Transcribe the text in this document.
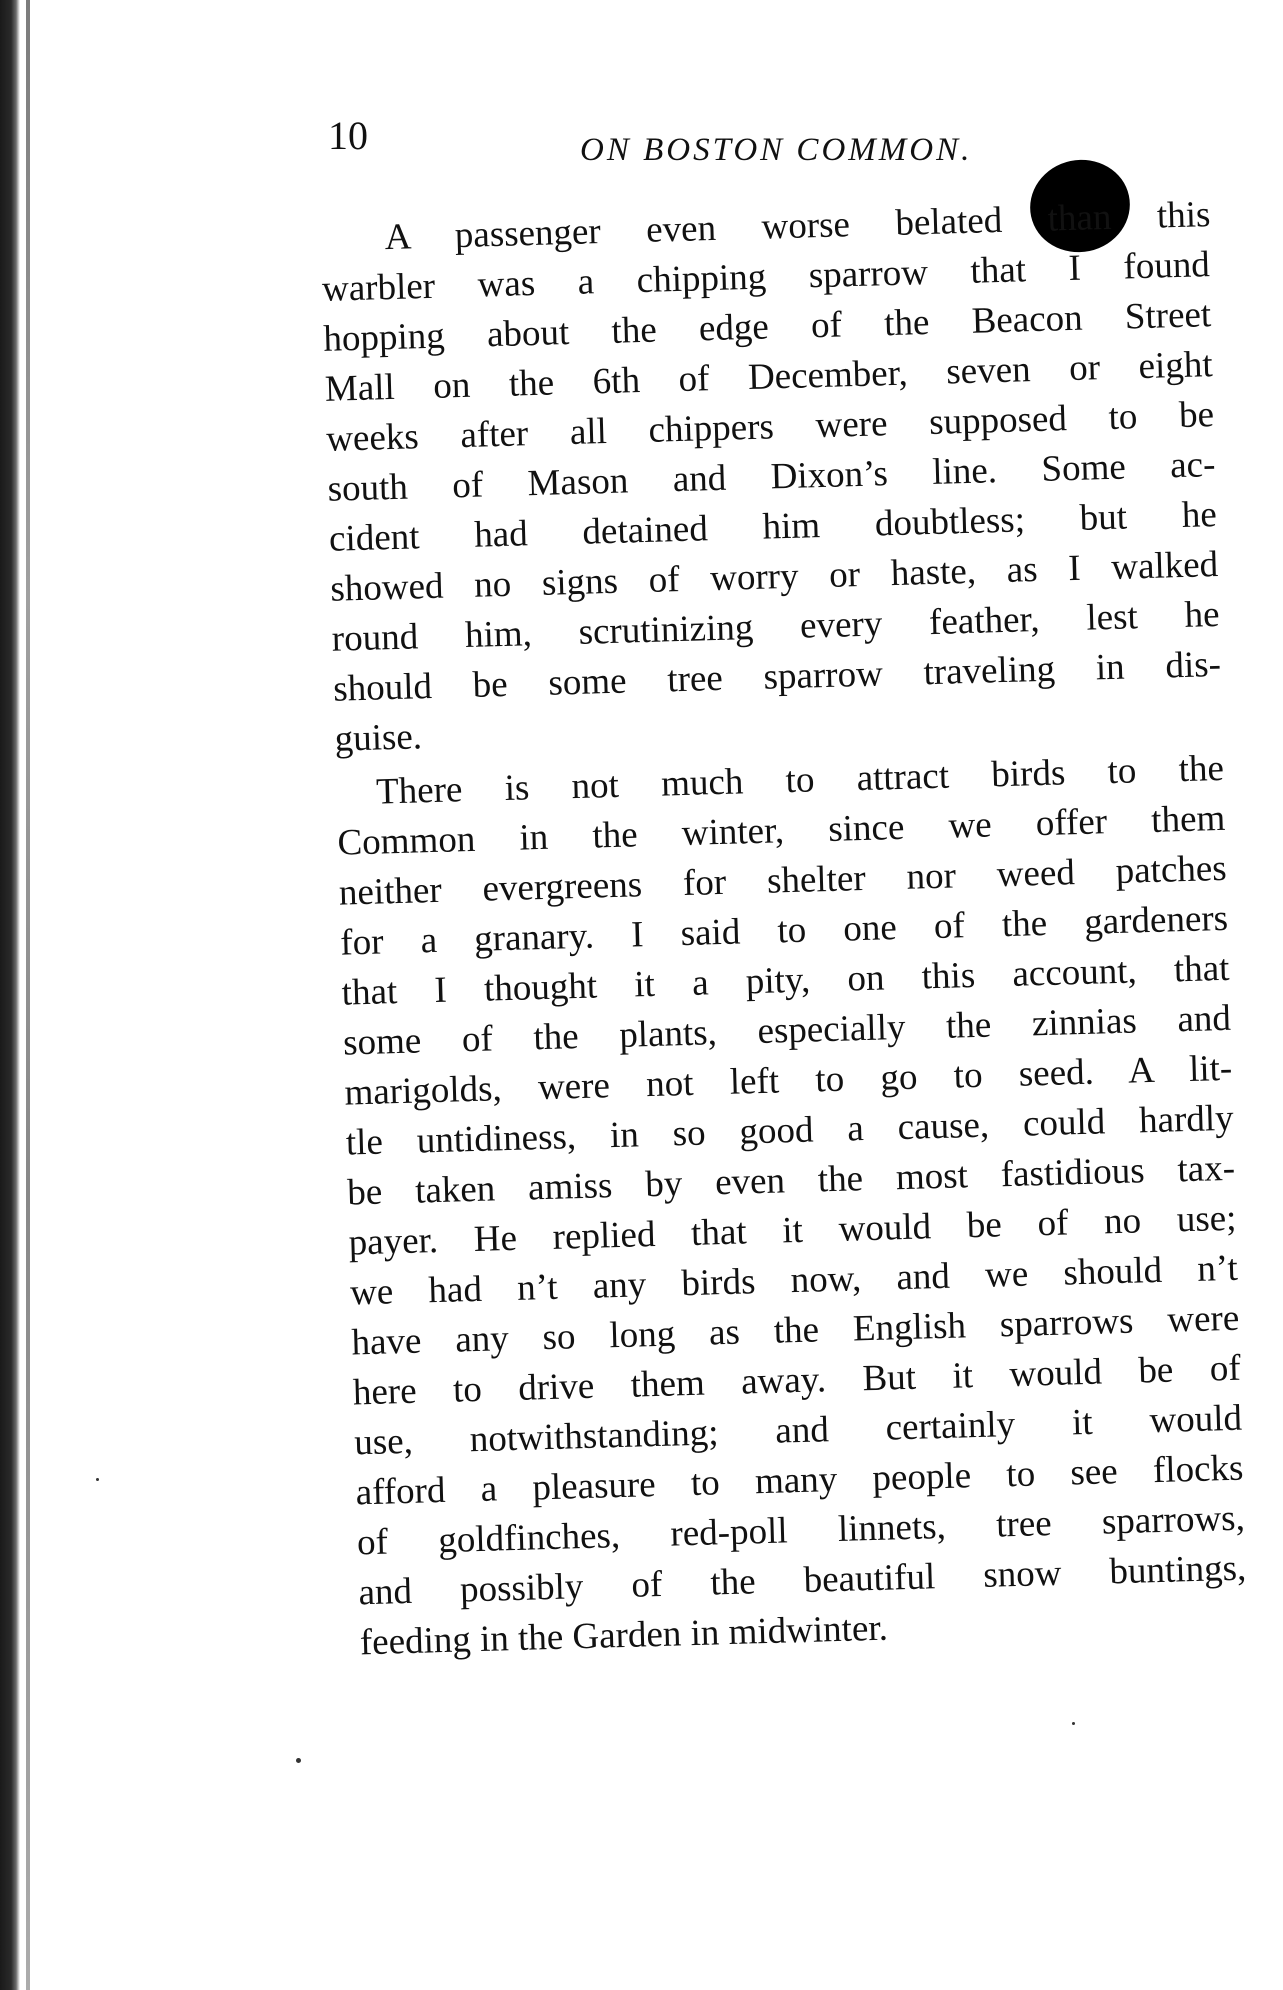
10	ON BOSTON COMMON.
A passenger even worse belated than this
warbler was a chipping sparrow that I found
hopping about the edge of the Beacon Street
Mall on the 6th of December, seven or eight
weeks after all chippers were supposed to be
south of Mason and Dixon’s line. Some ac-
cident had detained him doubtless; but he
showed no signs of worry or haste, as I walked
round him, scrutinizing every feather, lest he
should be some tree sparrow traveling in dis-
guise.
There is not much to attract birds to the
Common in the winter, since we offer them
neither evergreens for shelter nor weed patches
for a granary. I said to one of the gardeners
that I thought it a pity, on this account, that
some of the plants, especially the zinnias and
marigolds, were not left to go to seed. A lit-
tle untidiness, in so good a cause, could hardly
be taken amiss by even the most fastidious tax-
payer. He replied that it would be of no use;
we had n’t any birds now, and we should n’t
have any so long as the English sparrows were
here to drive them away. But it would be of
use, notwithstanding; and certainly it would
afford a pleasure to many people to see flocks
of goldfinches, red-poll linnets, tree sparrows,
and possibly of the beautiful snow buntings,
feeding in the Garden in midwinter.
